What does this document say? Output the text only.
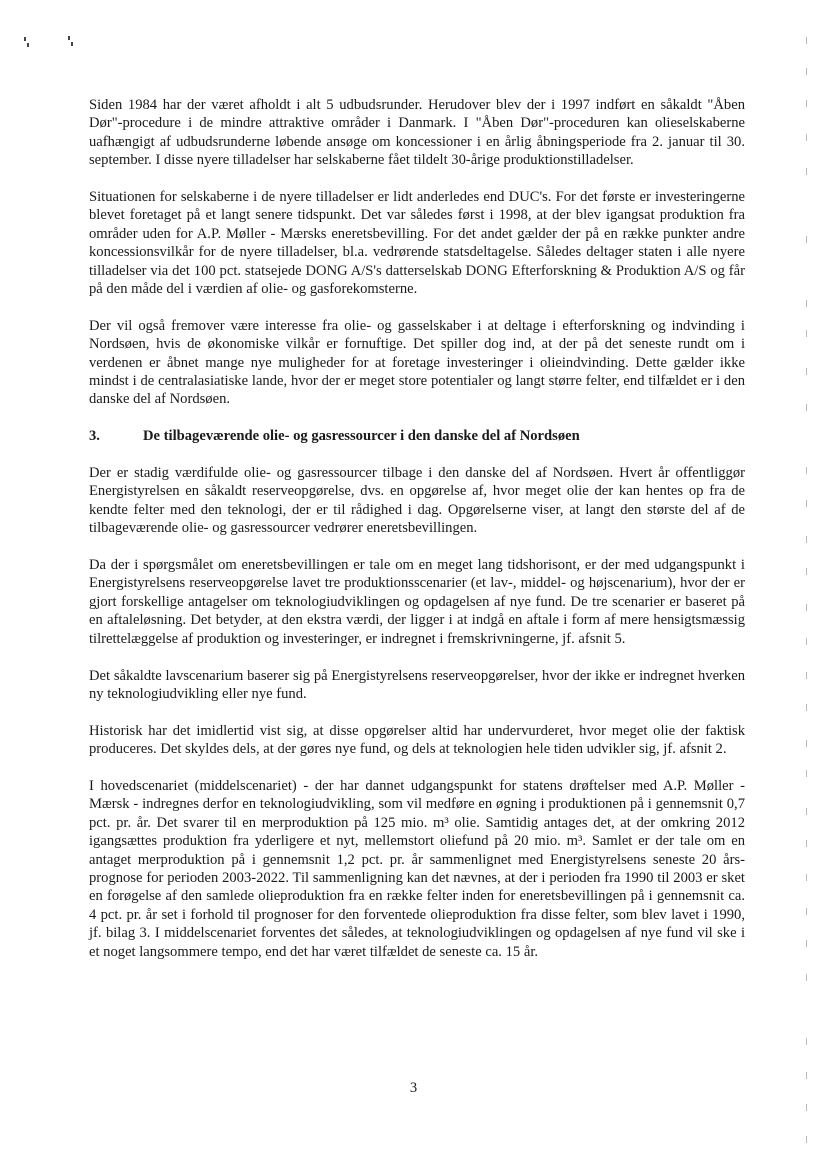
Siden 1984 har der været afholdt i alt 5 udbudsrunder. Herudover blev der i 1997 indført en såkaldt "Åben Dør"-procedure i de mindre attraktive områder i Danmark. I "Åben Dør"-proceduren kan olieselskaberne uafhængigt af udbudsrunderne løbende ansøge om koncessioner i en årlig åbningsperiode fra 2. januar til 30. september. I disse nyere tilladelser har selskaberne fået tildelt 30-årige produktionstilladelser.

Situationen for selskaberne i de nyere tilladelser er lidt anderledes end DUC's. For det første er investeringerne blevet foretaget på et langt senere tidspunkt. Det var således først i 1998, at der blev igangsat produktion fra områder uden for A.P. Møller - Mærsks eneretsbevilling. For det andet gælder der på en række punkter andre koncessionsvilkår for de nyere tilladelser, bl.a. vedrørende statsdeltagelse. Således deltager staten i alle nyere tilladelser via det 100 pct. statsejede DONG A/S's datterselskab DONG Efterforskning & Produktion A/S og får på den måde del i værdien af olie- og gasforekomsterne.

Der vil også fremover være interesse fra olie- og gasselskaber i at deltage i efterforskning og indvinding i Nordsøen, hvis de økonomiske vilkår er fornuftige. Det spiller dog ind, at der på det seneste rundt om i verdenen er åbnet mange nye muligheder for at foretage investeringer i olieindvinding. Dette gælder ikke mindst i de centralasiatiske lande, hvor der er meget store potentialer og langt større felter, end tilfældet er i den danske del af Nordsøen.

3.	De tilbageværende olie- og gasressourcer i den danske del af Nordsøen

Der er stadig værdifulde olie- og gasressourcer tilbage i den danske del af Nordsøen. Hvert år offentliggør Energistyrelsen en såkaldt reserveopgørelse, dvs. en opgørelse af, hvor meget olie der kan hentes op fra de kendte felter med den teknologi, der er til rådighed i dag. Opgørelserne viser, at langt den største del af de tilbageværende olie- og gasressourcer vedrører eneretsbevillingen.

Da der i spørgsmålet om eneretsbevillingen er tale om en meget lang tidshorisont, er der med udgangspunkt i Energistyrelsens reserveopgørelse lavet tre produktionsscenarier (et lav-, middel- og højscenarium), hvor der er gjort forskellige antagelser om teknologiudviklingen og opdagelsen af nye fund. De tre scenarier er baseret på en aftaleløsning. Det betyder, at den ekstra værdi, der ligger i at indgå en aftale i form af mere hensigtsmæssig tilrettelæggelse af produktion og investeringer, er indregnet i fremskrivningerne, jf. afsnit 5.

Det såkaldte lavscenarium baserer sig på Energistyrelsens reserveopgørelser, hvor der ikke er indregnet hverken ny teknologiudvikling eller nye fund.

Historisk har det imidlertid vist sig, at disse opgørelser altid har undervurderet, hvor meget olie der faktisk produceres. Det skyldes dels, at der gøres nye fund, og dels at teknologien hele tiden udvikler sig, jf. afsnit 2.

I hovedscenariet (middelscenariet) - der har dannet udgangspunkt for statens drøftelser med A.P. Møller - Mærsk - indregnes derfor en teknologiudvikling, som vil medføre en øgning i produktionen på i gennemsnit 0,7 pct. pr. år. Det svarer til en merproduktion på 125 mio. m³ olie. Samtidig antages det, at der omkring 2012 igangsættes produktion fra yderligere et nyt, mellemstort oliefund på 20 mio. m³. Samlet er der tale om en antaget merproduktion på i gennemsnit 1,2 pct. pr. år sammenlignet med Energistyrelsens seneste 20 års-prognose for perioden 2003-2022. Til sammenligning kan det nævnes, at der i perioden fra 1990 til 2003 er sket en forøgelse af den samlede olieproduktion fra en række felter inden for eneretsbevillingen på i gennemsnit ca. 4 pct. pr. år set i forhold til prognoser for den forventede olieproduktion fra disse felter, som blev lavet i 1990, jf. bilag 3. I middelscenariet forventes det således, at teknologiudviklingen og opdagelsen af nye fund vil ske i et noget langsommere tempo, end det har været tilfældet de seneste ca. 15 år.

3
